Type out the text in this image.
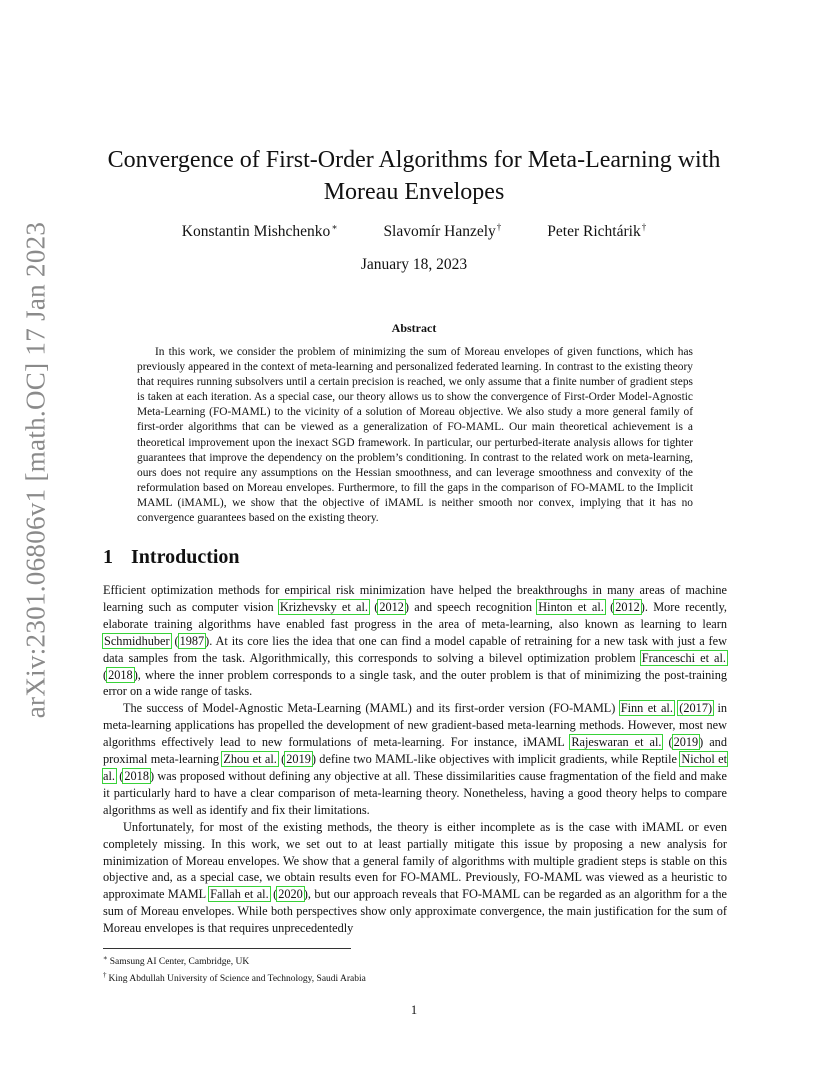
arXiv:2301.06806v1 [math.OC] 17 Jan 2023
Convergence of First-Order Algorithms for Meta-Learning with Moreau Envelopes
Konstantin Mishchenko∗	Slavomír Hanzely†	Peter Richtárik†
January 18, 2023
Abstract

In this work, we consider the problem of minimizing the sum of Moreau envelopes of given functions, which has previously appeared in the context of meta-learning and personalized federated learning. In contrast to the existing theory that requires running subsolvers until a certain precision is reached, we only assume that a finite number of gradient steps is taken at each iteration. As a special case, our theory allows us to show the convergence of First-Order Model-Agnostic Meta-Learning (FO-MAML) to the vicinity of a solution of Moreau objective. We also study a more general family of first-order algorithms that can be viewed as a generalization of FO-MAML. Our main theoretical achievement is a theoretical improvement upon the inexact SGD framework. In particular, our perturbed-iterate analysis allows for tighter guarantees that improve the dependency on the problem’s conditioning. In contrast to the related work on meta-learning, ours does not require any assumptions on the Hessian smoothness, and can leverage smoothness and convexity of the reformulation based on Moreau envelopes. Furthermore, to fill the gaps in the comparison of FO-MAML to the Implicit MAML (iMAML), we show that the objective of iMAML is neither smooth nor convex, implying that it has no convergence guarantees based on the existing theory.

1 Introduction

Efficient optimization methods for empirical risk minimization have helped the breakthroughs in many areas of machine learning such as computer vision Krizhevsky et al. (2012) and speech recognition Hinton et al. (2012). More recently, elaborate training algorithms have enabled fast progress in the area of meta-learning, also known as learning to learn Schmidhuber (1987). At its core lies the idea that one can find a model capable of retraining for a new task with just a few data samples from the task. Algorithmically, this corresponds to solving a bilevel optimization problem Franceschi et al. (2018), where the inner problem corresponds to a single task, and the outer problem is that of minimizing the post-training error on a wide range of tasks.

The success of Model-Agnostic Meta-Learning (MAML) and its first-order version (FO-MAML) Finn et al. (2017) in meta-learning applications has propelled the development of new gradient-based meta-learning methods. However, most new algorithms effectively lead to new formulations of meta-learning. For instance, iMAML Rajeswaran et al. (2019) and proximal meta-learning Zhou et al. (2019) define two MAML-like objectives with implicit gradients, while Reptile Nichol et al. (2018) was proposed without defining any objective at all. These dissimilarities cause fragmentation of the field and make it particularly hard to have a clear comparison of meta-learning theory. Nonetheless, having a good theory helps to compare algorithms as well as identify and fix their limitations.

Unfortunately, for most of the existing methods, the theory is either incomplete as is the case with iMAML or even completely missing. In this work, we set out to at least partially mitigate this issue by proposing a new analysis for minimization of Moreau envelopes. We show that a general family of algorithms with multiple gradient steps is stable on this objective and, as a special case, we obtain results even for FO-MAML. Previously, FO-MAML was viewed as a heuristic to approximate MAML Fallah et al. (2020), but our approach reveals that FO-MAML can be regarded as an algorithm for a the sum of Moreau envelopes. While both perspectives show only approximate convergence, the main justification for the sum of Moreau envelopes is that requires unprecedentedly

∗ Samsung AI Center, Cambridge, UK
† King Abdullah University of Science and Technology, Saudi Arabia
1
